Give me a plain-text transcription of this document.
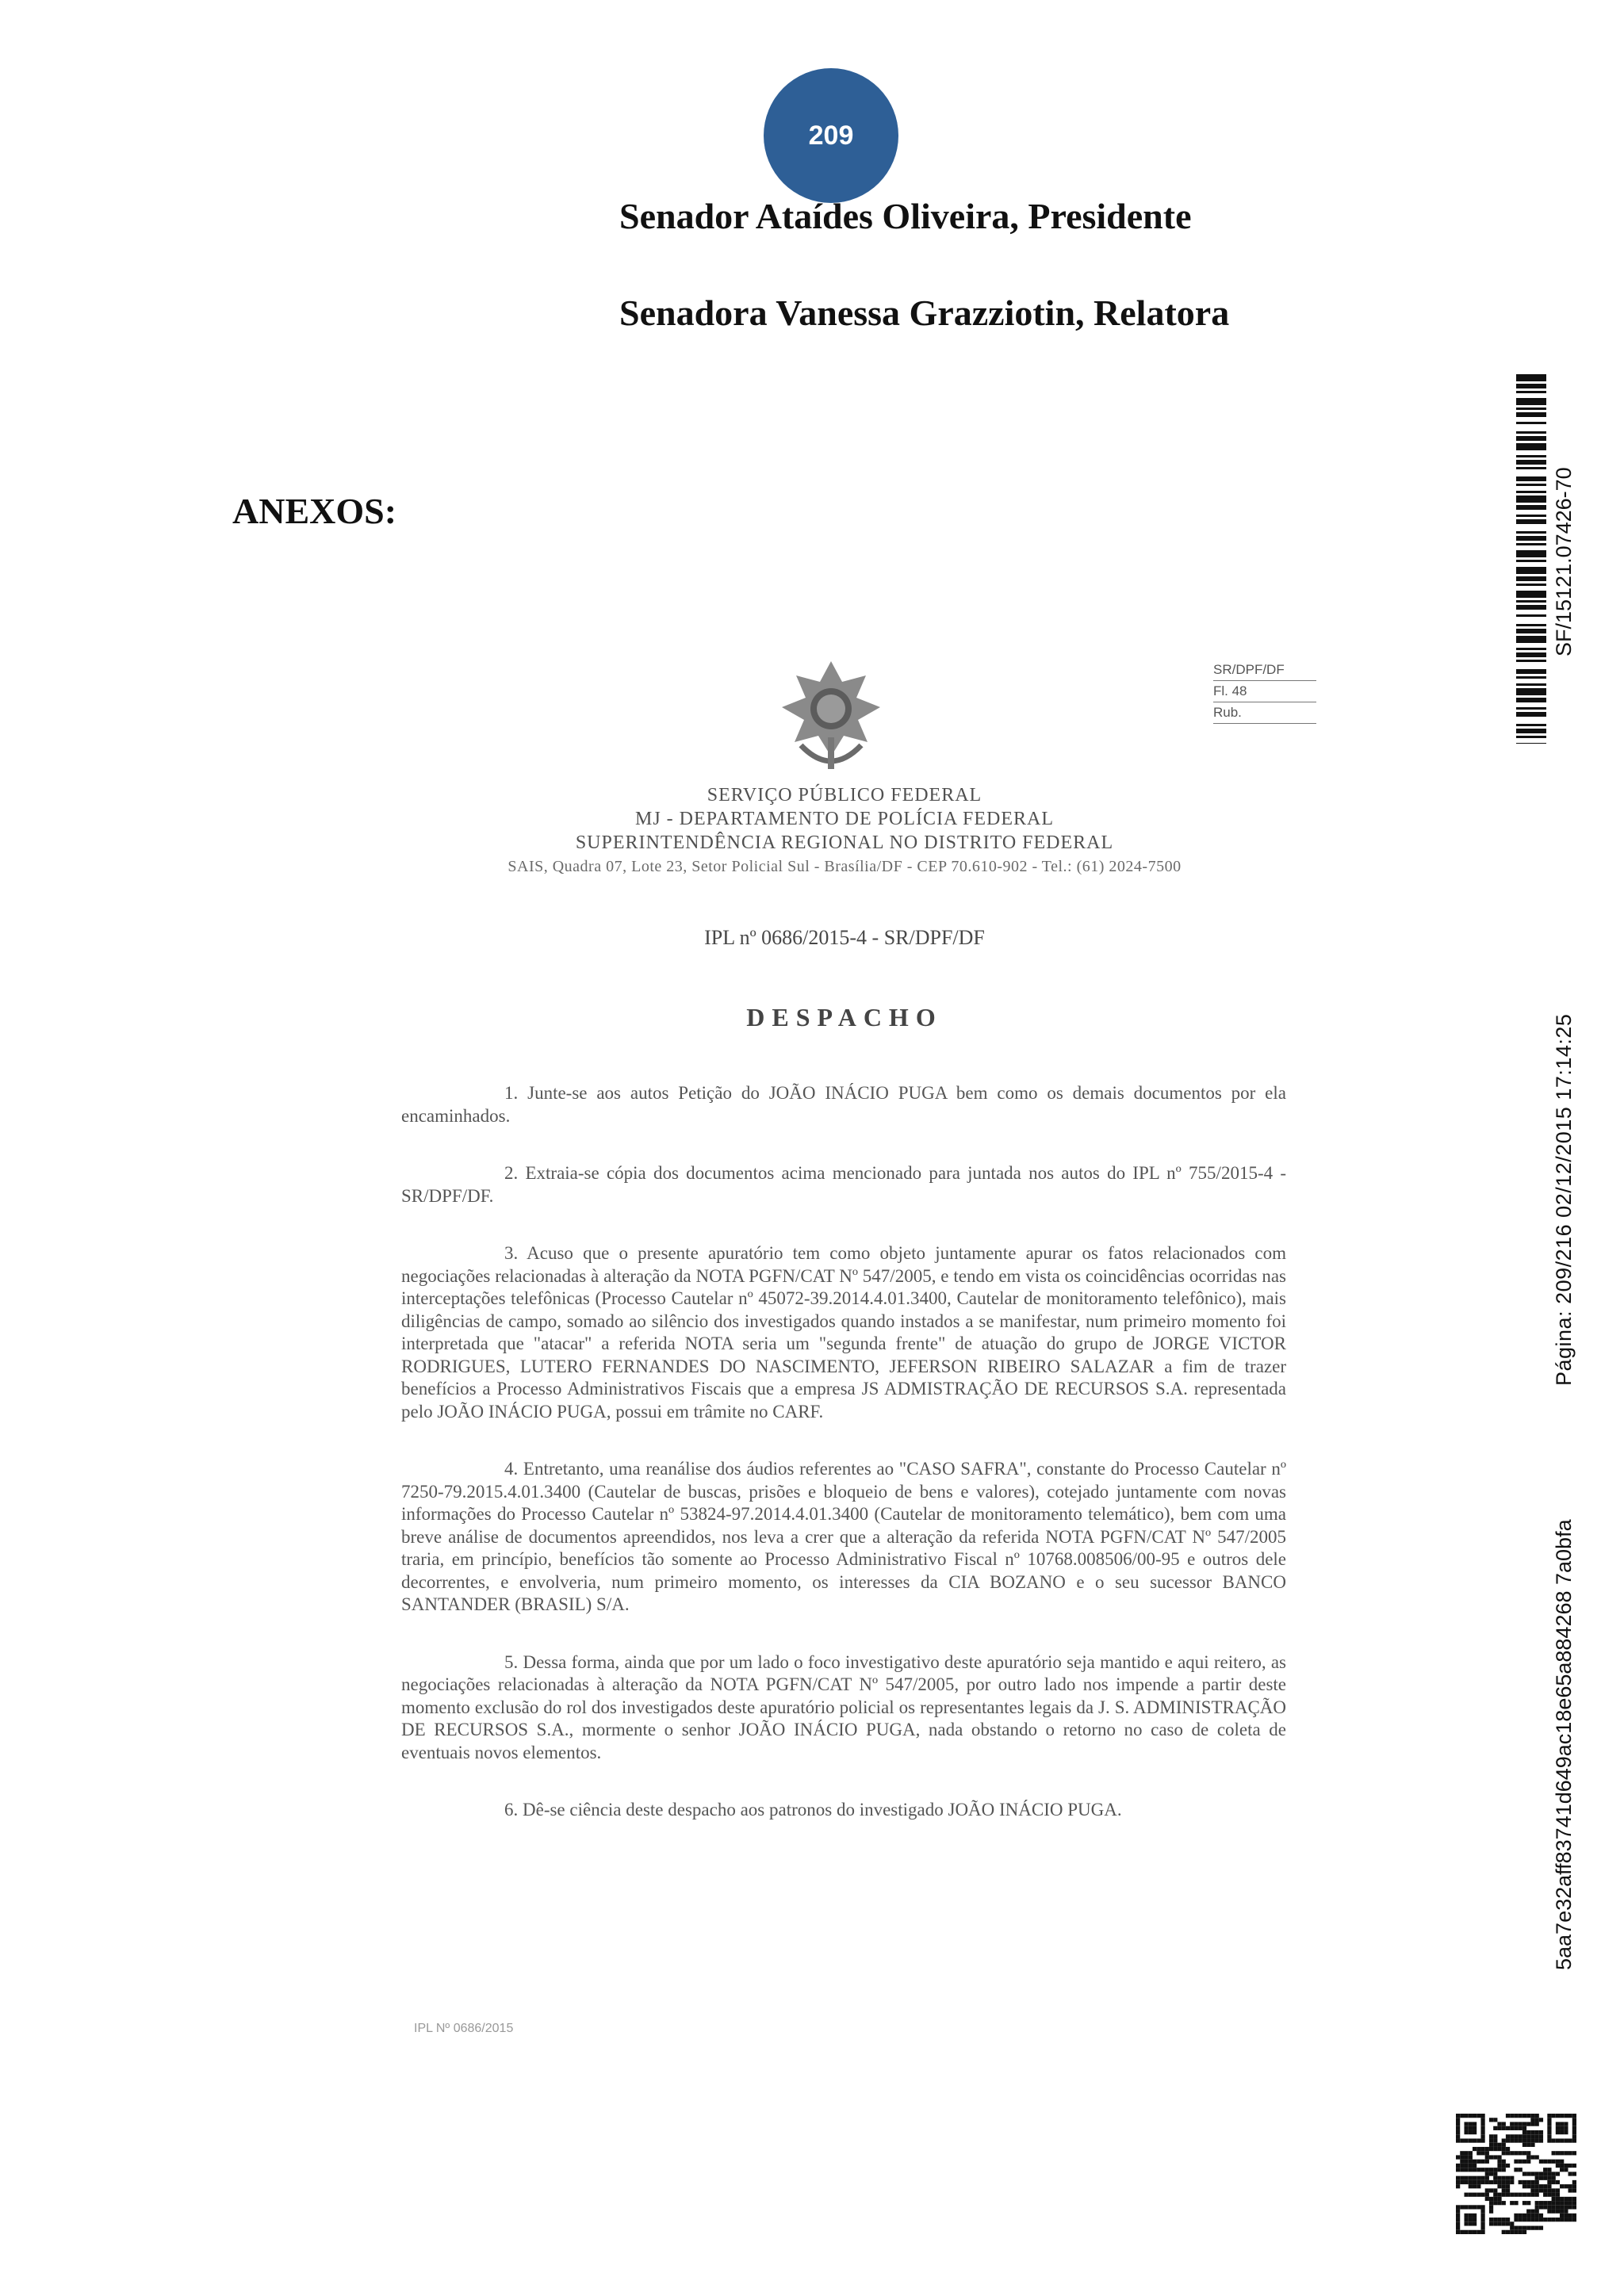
209
Senador Ataídes Oliveira, Presidente
Senadora Vanessa Grazziotin, Relatora
ANEXOS:	SF/15121.07426-70
Página: 209/216 02/12/2015 17:14:25
5aa7e32aff83741d649ac18e65a884268 7a0bfa
SR/DPF/DF
Fl. 48
Rub.
SERVIÇO PÚBLICO FEDERAL
MJ - DEPARTAMENTO DE POLÍCIA FEDERAL
SUPERINTENDÊNCIA REGIONAL NO DISTRITO FEDERAL
SAIS, Quadra 07, Lote 23, Setor Policial Sul - Brasília/DF - CEP 70.610-902 - Tel.: (61) 2024-7500
IPL nº 0686/2015-4 - SR/DPF/DF
DESPACHO

1. Junte-se aos autos Petição do JOÃO INÁCIO PUGA bem como os demais documentos por ela encaminhados.

2. Extraia-se cópia dos documentos acima mencionado para juntada nos autos do IPL nº 755/2015-4 - SR/DPF/DF.

3. Acuso que o presente apuratório tem como objeto juntamente apurar os fatos relacionados com negociações relacionadas à alteração da NOTA PGFN/CAT Nº 547/2005, e tendo em vista os coincidências ocorridas nas interceptações telefônicas (Processo Cautelar nº 45072-39.2014.4.01.3400, Cautelar de monitoramento telefônico), mais diligências de campo, somado ao silêncio dos investigados quando instados a se manifestar, num primeiro momento foi interpretada que "atacar" a referida NOTA seria um "segunda frente" de atuação do grupo de JORGE VICTOR RODRIGUES, LUTERO FERNANDES DO NASCIMENTO, JEFERSON RIBEIRO SALAZAR a fim de trazer benefícios a Processo Administrativos Fiscais que a empresa JS ADMISTRAÇÃO DE RECURSOS S.A. representada pelo JOÃO INÁCIO PUGA, possui em trâmite no CARF.

4. Entretanto, uma reanálise dos áudios referentes ao "CASO SAFRA", constante do Processo Cautelar nº 7250-79.2015.4.01.3400 (Cautelar de buscas, prisões e bloqueio de bens e valores), cotejado juntamente com novas informações do Processo Cautelar nº 53824-97.2014.4.01.3400 (Cautelar de monitoramento telemático), bem com uma breve análise de documentos apreendidos, nos leva a crer que a alteração da referida NOTA PGFN/CAT Nº 547/2005 traria, em princípio, benefícios tão somente ao Processo Administrativo Fiscal nº 10768.008506/00-95 e outros dele decorrentes, e envolveria, num primeiro momento, os interesses da CIA BOZANO e o seu sucessor BANCO SANTANDER (BRASIL) S/A.

5. Dessa forma, ainda que por um lado o foco investigativo deste apuratório seja mantido e aqui reitero, as negociações relacionadas à alteração da NOTA PGFN/CAT Nº 547/2005, por outro lado nos impende a partir deste momento exclusão do rol dos investigados deste apuratório policial os representantes legais da J. S. ADMINISTRAÇÃO DE RECURSOS S.A., mormente o senhor JOÃO INÁCIO PUGA, nada obstando o retorno no caso de coleta de eventuais novos elementos.

6. Dê-se ciência deste despacho aos patronos do investigado JOÃO INÁCIO PUGA.

IPL Nº 0686/2015
